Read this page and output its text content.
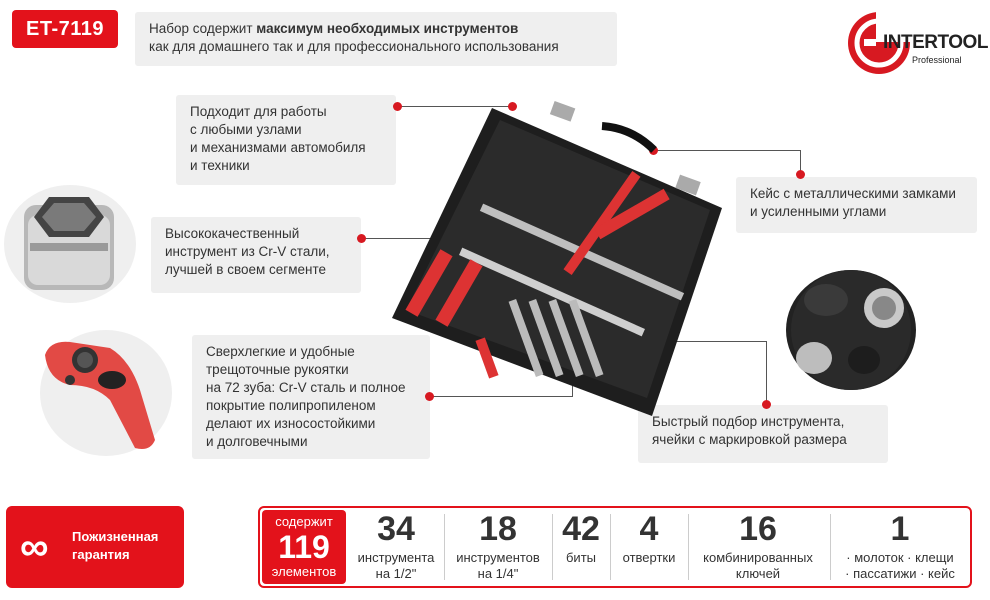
ET-7119	Набор содержит максимум необходимых инструментов
как для домашнего так и для профессионального использования	INTERTOOL
Professional
Подходит для работы
с любыми узлами
и механизмами автомобиля
и техники
Высококачественный
инструмент из Cr-V стали,
лучшей в своем сегменте
Сверхлегкие и удобные
трещоточные рукоятки
на 72 зуба: Cr-V сталь и полное
покрытие полипропиленом
делают их износостойкими
и долговечными
Кейс с металлическими замками
и усиленными углами
Быстрый подбор инструмента,
ячейки с маркировкой размера
∞ Пожизненная
гарантия
содержит
119
элементов
34
инструмента
на 1/2"
18
инструментов
на 1/4"
42
биты
4
отвертки
16
комбинированных
ключей
1
· молоток · клещи
· пассатижи · кейс
